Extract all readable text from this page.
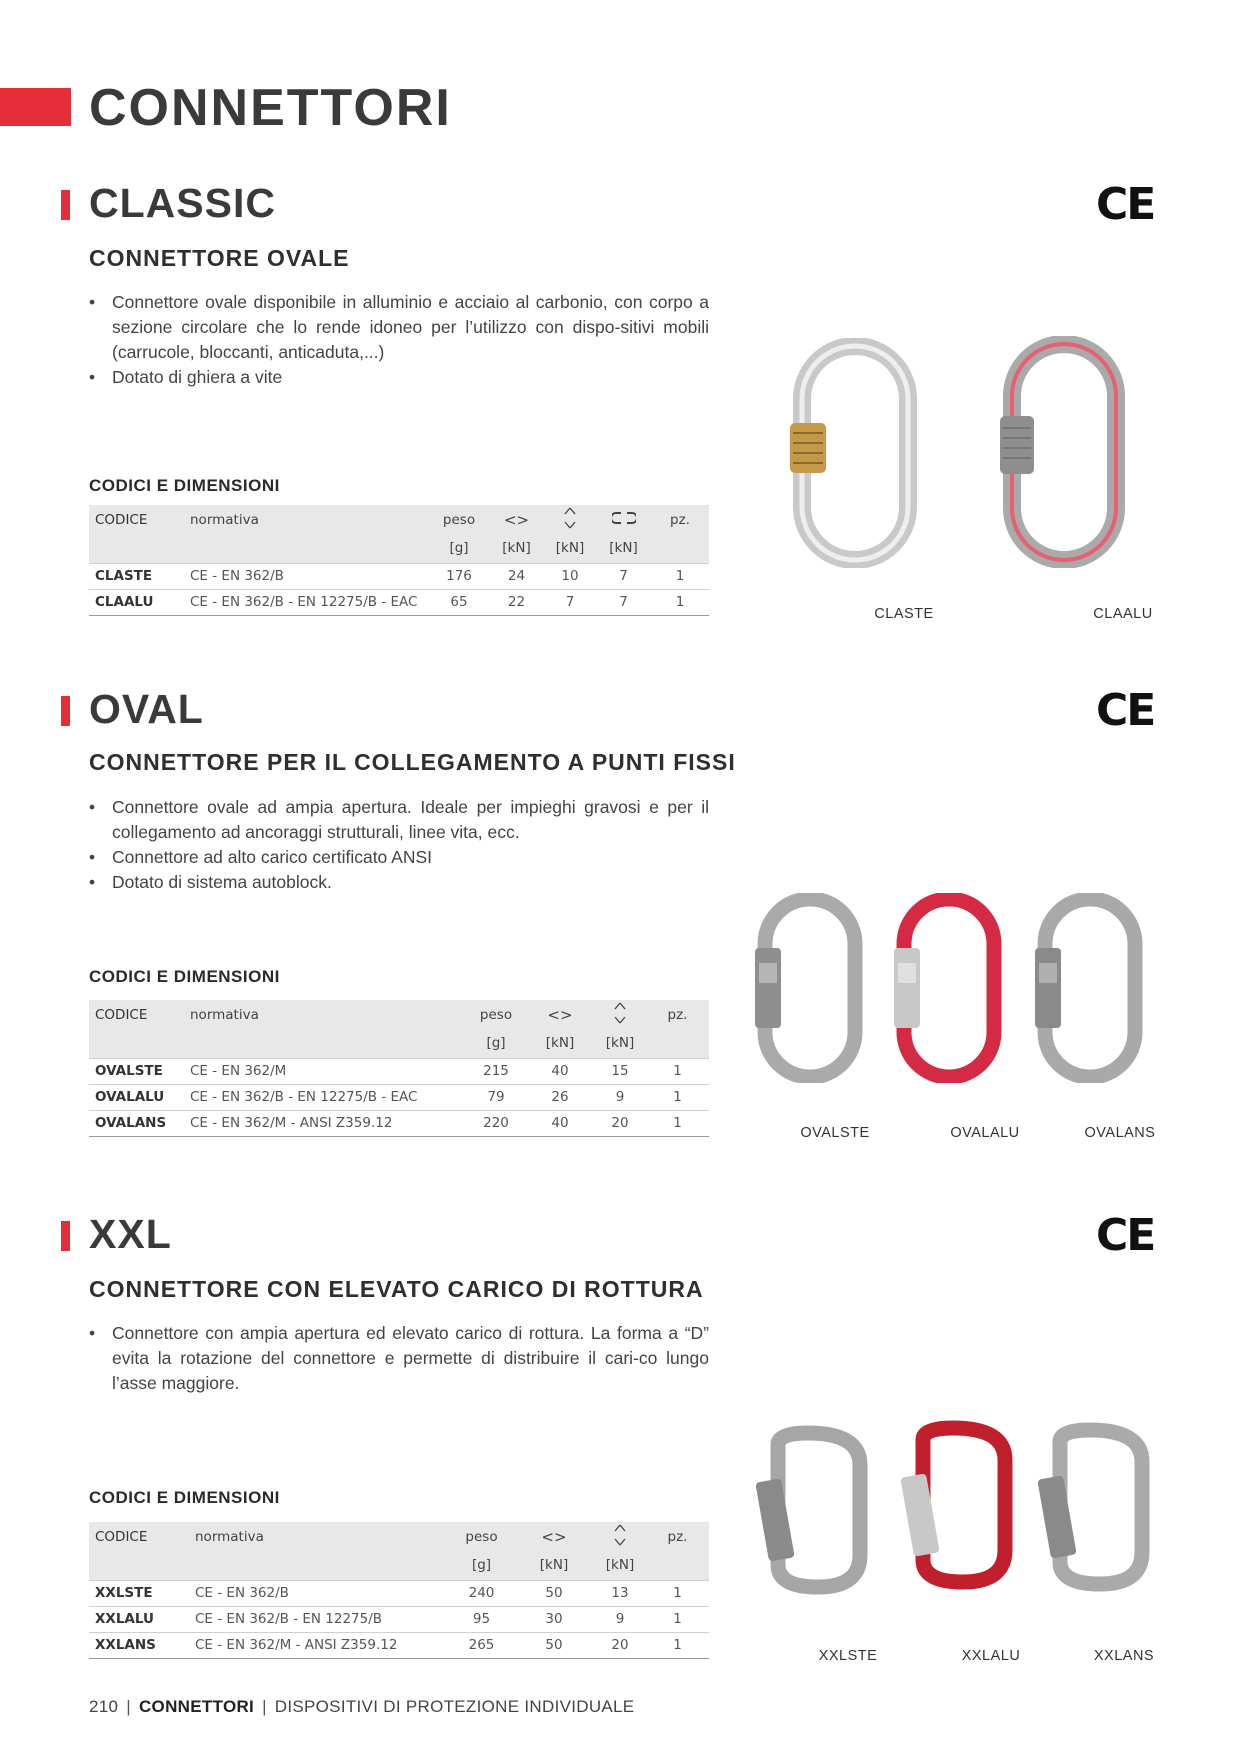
CONNETTORI
CLASSIC	CE
CONNETTORE OVALE
• Connettore ovale disponibile in alluminio e acciaio al carbonio, con corpo a sezione circolare che lo rende idoneo per l’utilizzo con dispo-sitivi mobili (carrucole, bloccanti, anticaduta,...)
• Dotato di ghiera a vite
CODICI E DIMENSIONI
CODICE	normativa	peso	<>			pz.
		[g]	[kN]	[kN]	[kN]	
CLASTE	CE - EN 362/B	176	24	10	7	1
CLAALU	CE - EN 362/B - EN 12275/B - EAC	65	22	7	7	1
CLASTE	CLAALU
OVAL	CE
CONNETTORE PER IL COLLEGAMENTO A PUNTI FISSI
• Connettore ovale ad ampia apertura. Ideale per impieghi gravosi e per il collegamento ad ancoraggi strutturali, linee vita, ecc.
• Connettore ad alto carico certificato ANSI
• Dotato di sistema autoblock.
CODICI E DIMENSIONI
CODICE	normativa	peso	<>		pz.
		[g]	[kN]	[kN]	
OVALSTE	CE - EN 362/M	215	40	15	1
OVALALU	CE - EN 362/B - EN 12275/B - EAC	79	26	9	1
OVALANS	CE - EN 362/M - ANSI Z359.12	220	40	20	1
OVALSTE	OVALALU	OVALANS
XXL	CE
CONNETTORE CON ELEVATO CARICO DI ROTTURA
• Connettore con ampia apertura ed elevato carico di rottura. La forma a “D” evita la rotazione del connettore e permette di distribuire il cari-co lungo l’asse maggiore.
CODICI E DIMENSIONI
CODICE	normativa	peso	<>		pz.
		[g]	[kN]	[kN]	
XXLSTE	CE - EN 362/B	240	50	13	1
XXLALU	CE - EN 362/B - EN 12275/B	95	30	9	1
XXLANS	CE - EN 362/M - ANSI Z359.12	265	50	20	1
XXLSTE	XXLALU	XXLANS
210 | CONNETTORI | DISPOSITIVI DI PROTEZIONE INDIVIDUALE
